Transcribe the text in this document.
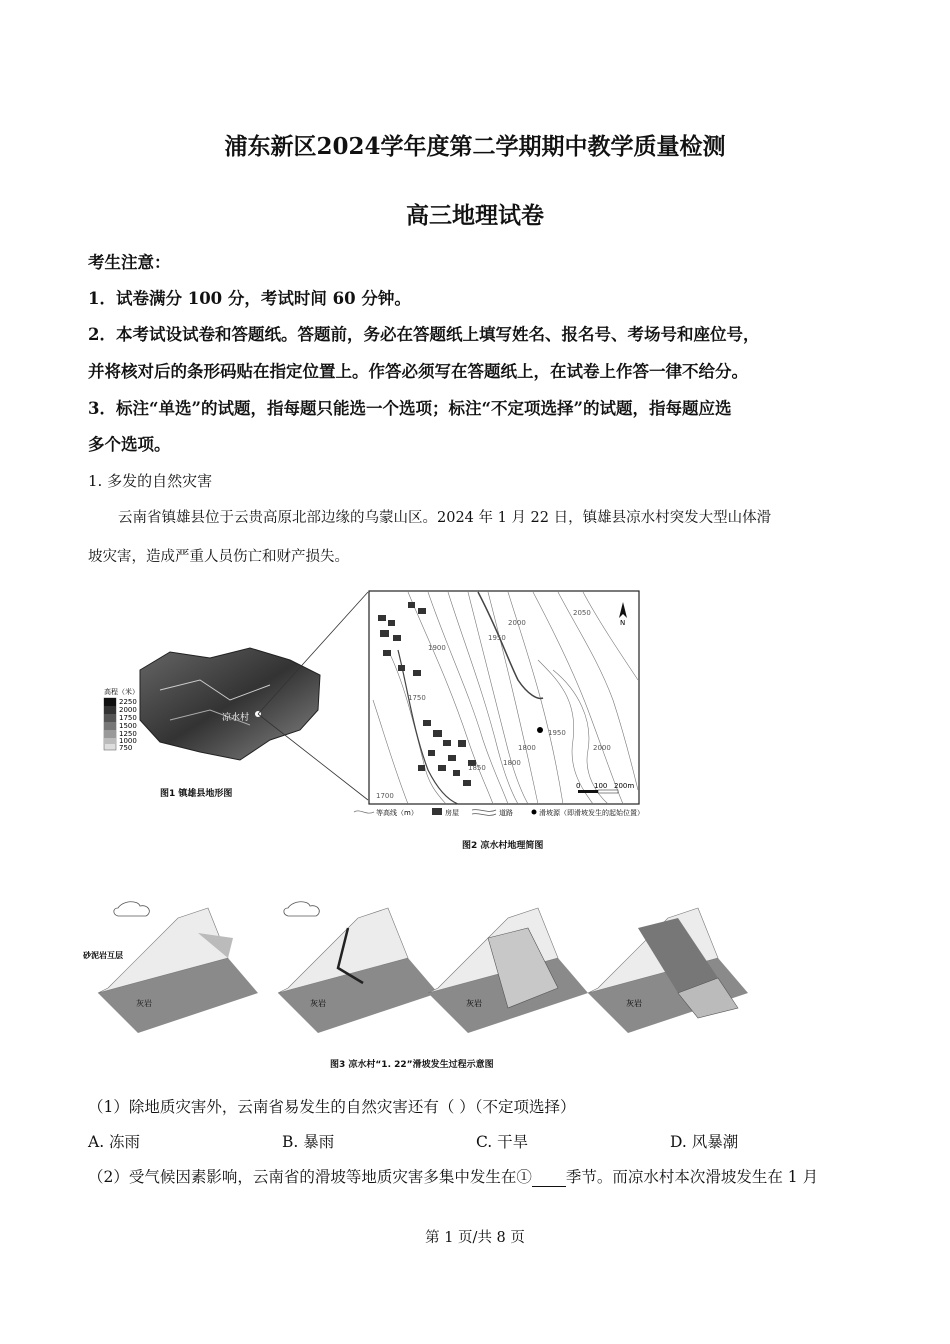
浦东新区2024学年度第二学期期中教学质量检测
高三地理试卷
考生注意：
1．试卷满分 100 分，考试时间 60 分钟。
2．本考试设试卷和答题纸。答题前，务必在答题纸上填写姓名、报名号、考场号和座位号，
并将核对后的条形码贴在指定位置上。作答必须写在答题纸上，在试卷上作答一律不给分。
3．标注“单选”的试题，指每题只能选一个选项；标注“不定项选择”的试题，指每题应选
多个选项。
1. 多发的自然灾害
云南省镇雄县位于云贵高原北部边缘的乌蒙山区。2024 年 1 月 22 日，镇雄县凉水村突发大型山体滑
坡灾害，造成严重人员伤亡和财产损失。
高程（米）
2250
2000
1750
1500
1250
1000
750
凉水村
图1 镇雄县地形图
N
2050
2000
1950
1900
1850
1800
1750
1800
1950
2000
1700
0 100 200m
等高线（m）	房屋	道路	滑坡源（即滑坡发生的起始位置）
图2 凉水村地理简图
砂泥岩互层
灰岩	灰岩	灰岩	灰岩
图3 凉水村“1. 22”滑坡发生过程示意图
（1）除地质灾害外，云南省易发生的自然灾害还有（ ）（不定项选择）
A. 冻雨	B. 暴雨	C. 干旱	D. 风暴潮
（2）受气候因素影响，云南省的滑坡等地质灾害多集中发生在① 季节。而凉水村本次滑坡发生在 1 月
第 1 页/共 8 页
